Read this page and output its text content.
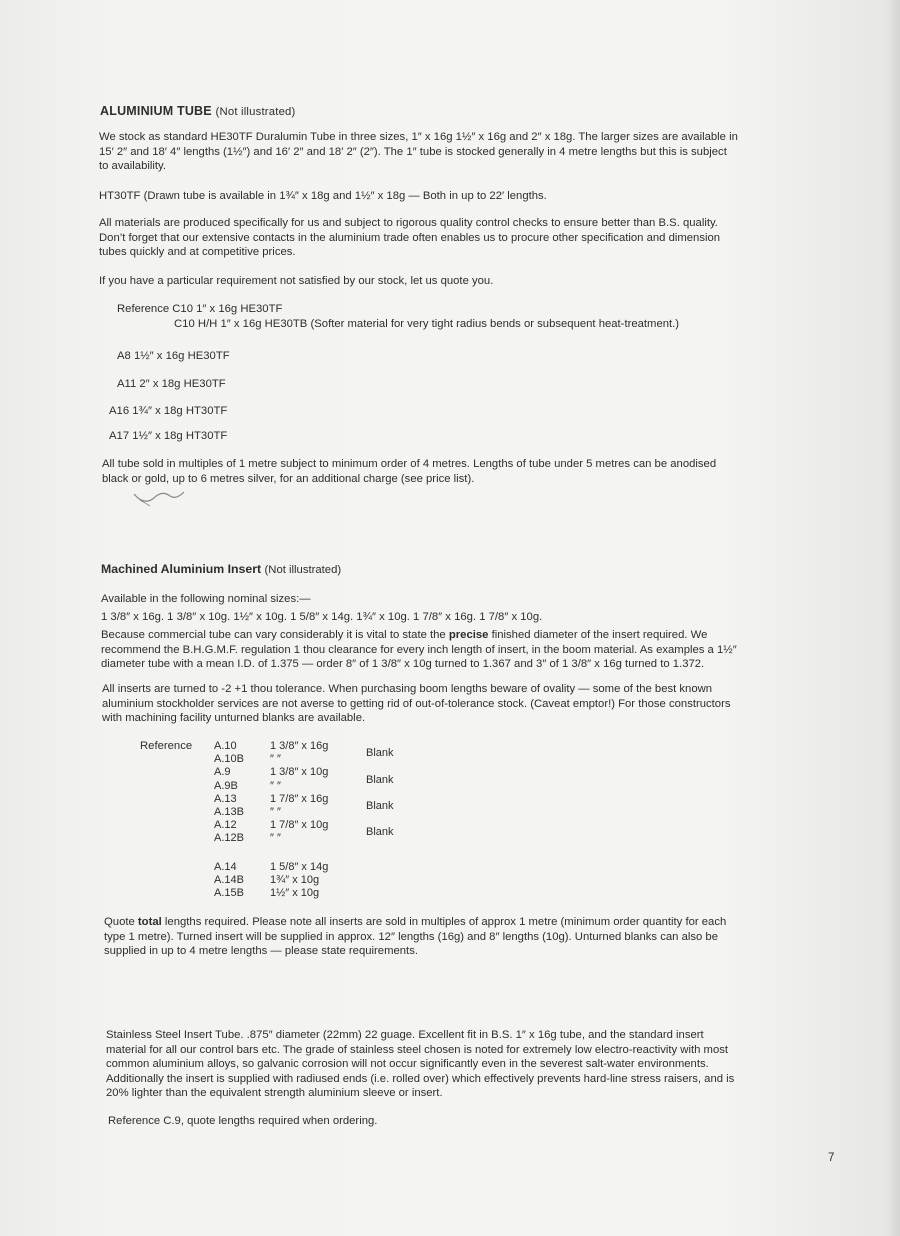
ALUMINIUM TUBE (Not illustrated)

We stock as standard HE30TF Duralumin Tube in three sizes, 1″ x 16g 1½″ x 16g and 2″ x 18g. The larger sizes are available in

15′ 2″ and 18′ 4″ lengths (1½″) and 16′ 2″ and 18′ 2″ (2″). The 1″ tube is stocked generally in 4 metre lengths but this is subject

to availability.

HT30TF (Drawn tube is available in 1¾″ x 18g and 1½″ x 18g — Both in up to 22′ lengths.

All materials are produced specifically for us and subject to rigorous quality control checks to ensure better than B.S. quality.

Don’t forget that our extensive contacts in the aluminium trade often enables us to procure other specification and dimension

tubes quickly and at competitive prices.

If you have a particular requirement not satisfied by our stock, let us quote you.

Reference C10 1″ x 16g HE30TF

C10 H/H 1″ x 16g HE30TB (Softer material for very tight radius bends or subsequent heat-treatment.)

A8 1½″ x 16g HE30TF

A11 2″ x 18g HE30TF

A16 1¾″ x 18g HT30TF

A17 1½″ x 18g HT30TF

All tube sold in multiples of 1 metre subject to minimum order of 4 metres. Lengths of tube under 5 metres can be anodised

black or gold, up to 6 metres silver, for an additional charge (see price list).

Machined Aluminium Insert (Not illustrated)

Available in the following nominal sizes:—

1 3/8″ x 16g. 1 3/8″ x 10g. 1½″ x 10g. 1 5/8″ x 14g. 1¾″ x 10g. 1 7/8″ x 16g. 1 7/8″ x 10g.

Because commercial tube can vary considerably it is vital to state the precise finished diameter of the insert required. We

recommend the B.H.G.M.F. regulation 1 thou clearance for every inch length of insert, in the boom material. As examples a 1½″

diameter tube with a mean I.D. of 1.375 — order 8″ of 1 3/8″ x 10g turned to 1.367 and 3″ of 1 3/8″ x 16g turned to 1.372.

All inserts are turned to -2 +1 thou tolerance. When purchasing boom lengths beware of ovality — some of the best known

aluminium stockholder services are not averse to getting rid of out-of-tolerance stock. (Caveat emptor!) For those constructors

with machining facility unturned blanks are available.

Reference A.10	1 3/8″ x 16g	
A.10B	″ ″	Blank
A.9	1 3/8″ x 10g	
A.9B	″ ″	Blank
A.13	1 7/8″ x 16g	
A.13B	″ ″	Blank
A.12	1 7/8″ x 10g	
A.12B	″ ″	Blank
A.14	1 5/8″ x 14g
A.14B	1¾″ x 10g
A.15B	1½″ x 10g

Quote total lengths required. Please note all inserts are sold in multiples of approx 1 metre (minimum order quantity for each

type 1 metre). Turned insert will be supplied in approx. 12″ lengths (16g) and 8″ lengths (10g). Unturned blanks can also be

supplied in up to 4 metre lengths — please state requirements.

Stainless Steel Insert Tube. .875″ diameter (22mm) 22 guage. Excellent fit in B.S. 1″ x 16g tube, and the standard insert

material for all our control bars etc. The grade of stainless steel chosen is noted for extremely low electro-reactivity with most

common aluminium alloys, so galvanic corrosion will not occur significantly even in the severest salt-water environments.

Additionally the insert is supplied with radiused ends (i.e. rolled over) which effectively prevents hard-line stress raisers, and is

20% lighter than the equivalent strength aluminium sleeve or insert.

Reference C.9, quote lengths required when ordering.

7
